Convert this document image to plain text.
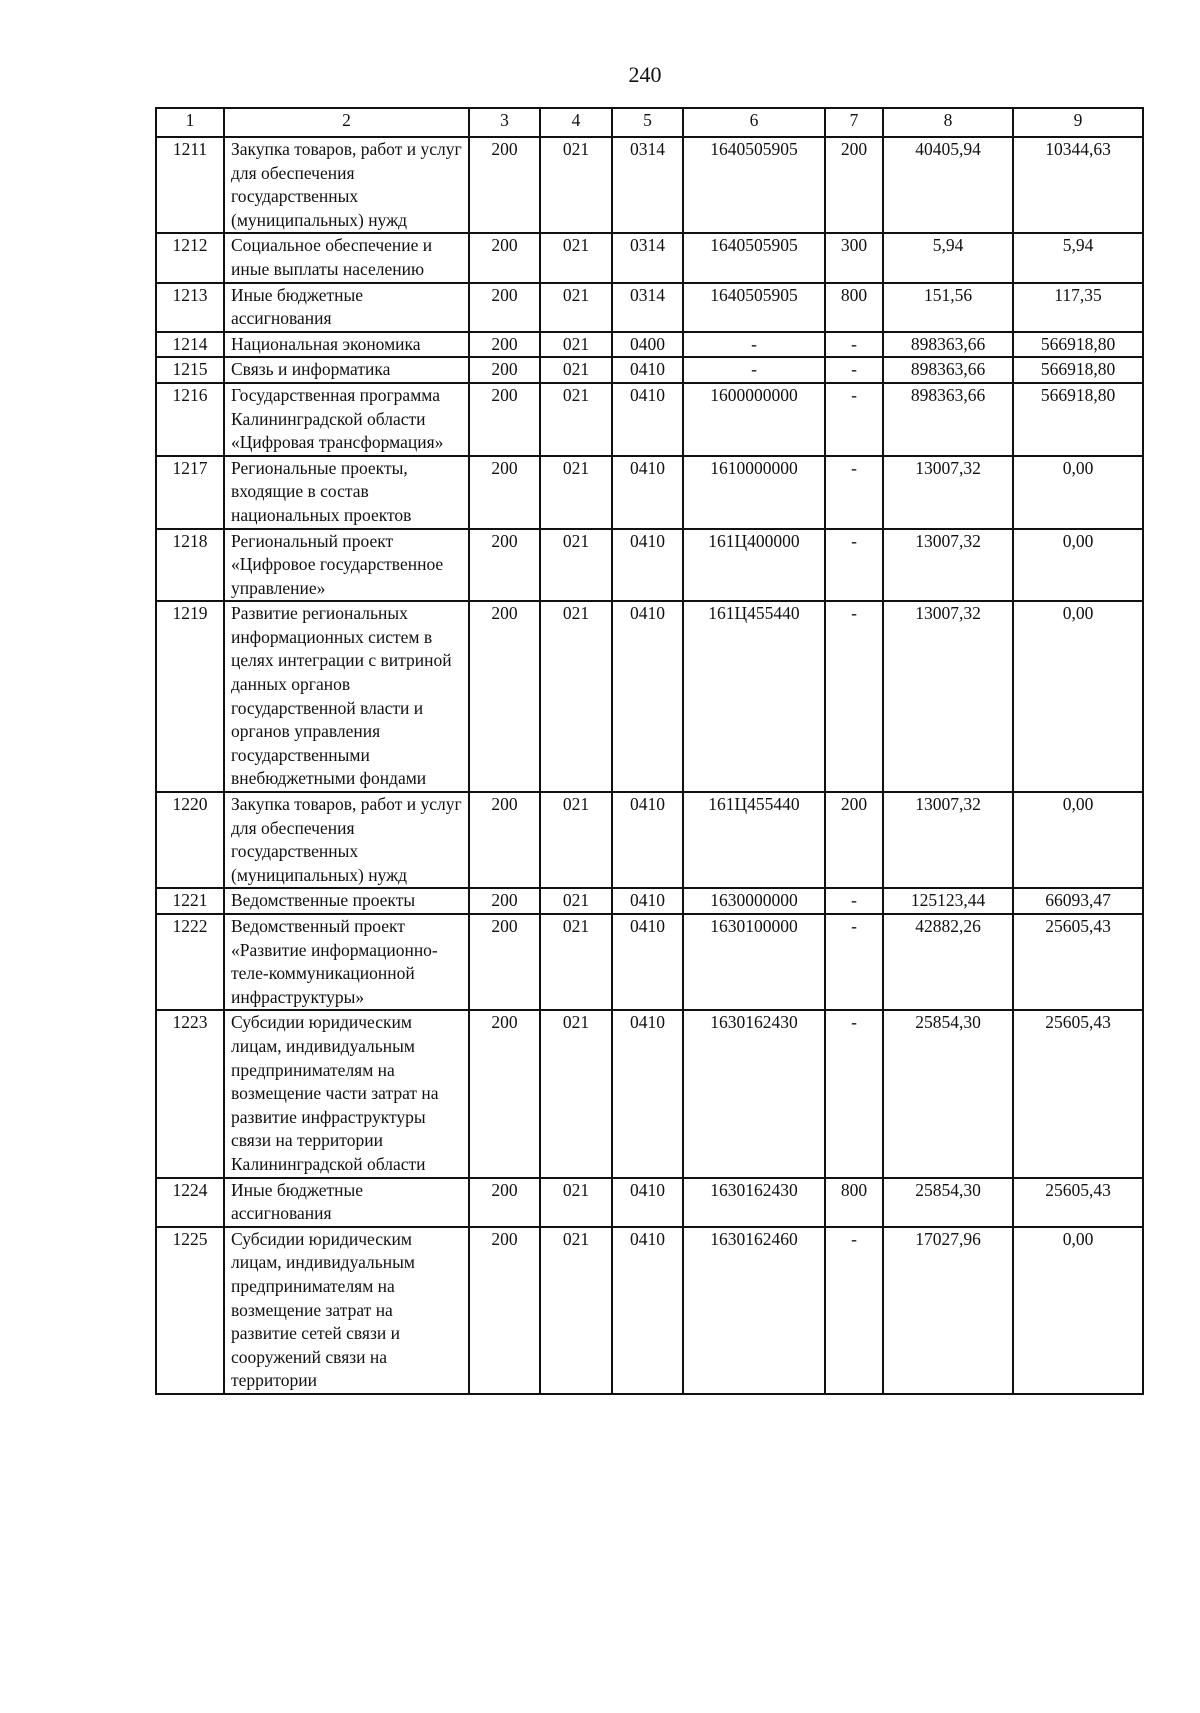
240
1	2	3	4	5	6	7	8	9
1211	Закупка товаров, работ и услуг для обеспечения государственных (муниципальных) нужд	200	021	0314	1640505905	200	40405,94	10344,63
1212	Социальное обеспечение и иные выплаты населению	200	021	0314	1640505905	300	5,94	5,94
1213	Иные бюджетные ассигнования	200	021	0314	1640505905	800	151,56	117,35
1214	Национальная экономика	200	021	0400	-	-	898363,66	566918,80
1215	Связь и информатика	200	021	0410	-	-	898363,66	566918,80
1216	Государственная программа Калининградской области «Цифровая трансформация»	200	021	0410	1600000000	-	898363,66	566918,80
1217	Региональные проекты, входящие в состав национальных проектов	200	021	0410	1610000000	-	13007,32	0,00
1218	Региональный проект «Цифровое государственное управление»	200	021	0410	161Ц400000	-	13007,32	0,00
1219	Развитие региональных информационных систем в целях интеграции с витриной данных органов государственной власти и органов управления государственными внебюджетными фондами	200	021	0410	161Ц455440	-	13007,32	0,00
1220	Закупка товаров, работ и услуг для обеспечения государственных (муниципальных) нужд	200	021	0410	161Ц455440	200	13007,32	0,00
1221	Ведомственные проекты	200	021	0410	1630000000	-	125123,44	66093,47
1222	Ведомственный проект «Развитие информационно-теле-коммуникационной инфраструктуры»	200	021	0410	1630100000	-	42882,26	25605,43
1223	Субсидии юридическим лицам, индивидуальным предпринимателям на возмещение части затрат на развитие инфраструктуры связи на территории Калининградской области	200	021	0410	1630162430	-	25854,30	25605,43
1224	Иные бюджетные ассигнования	200	021	0410	1630162430	800	25854,30	25605,43
1225	Субсидии юридическим лицам, индивидуальным предпринимателям на возмещение затрат на развитие сетей связи и сооружений связи на территории	200	021	0410	1630162460	-	17027,96	0,00
